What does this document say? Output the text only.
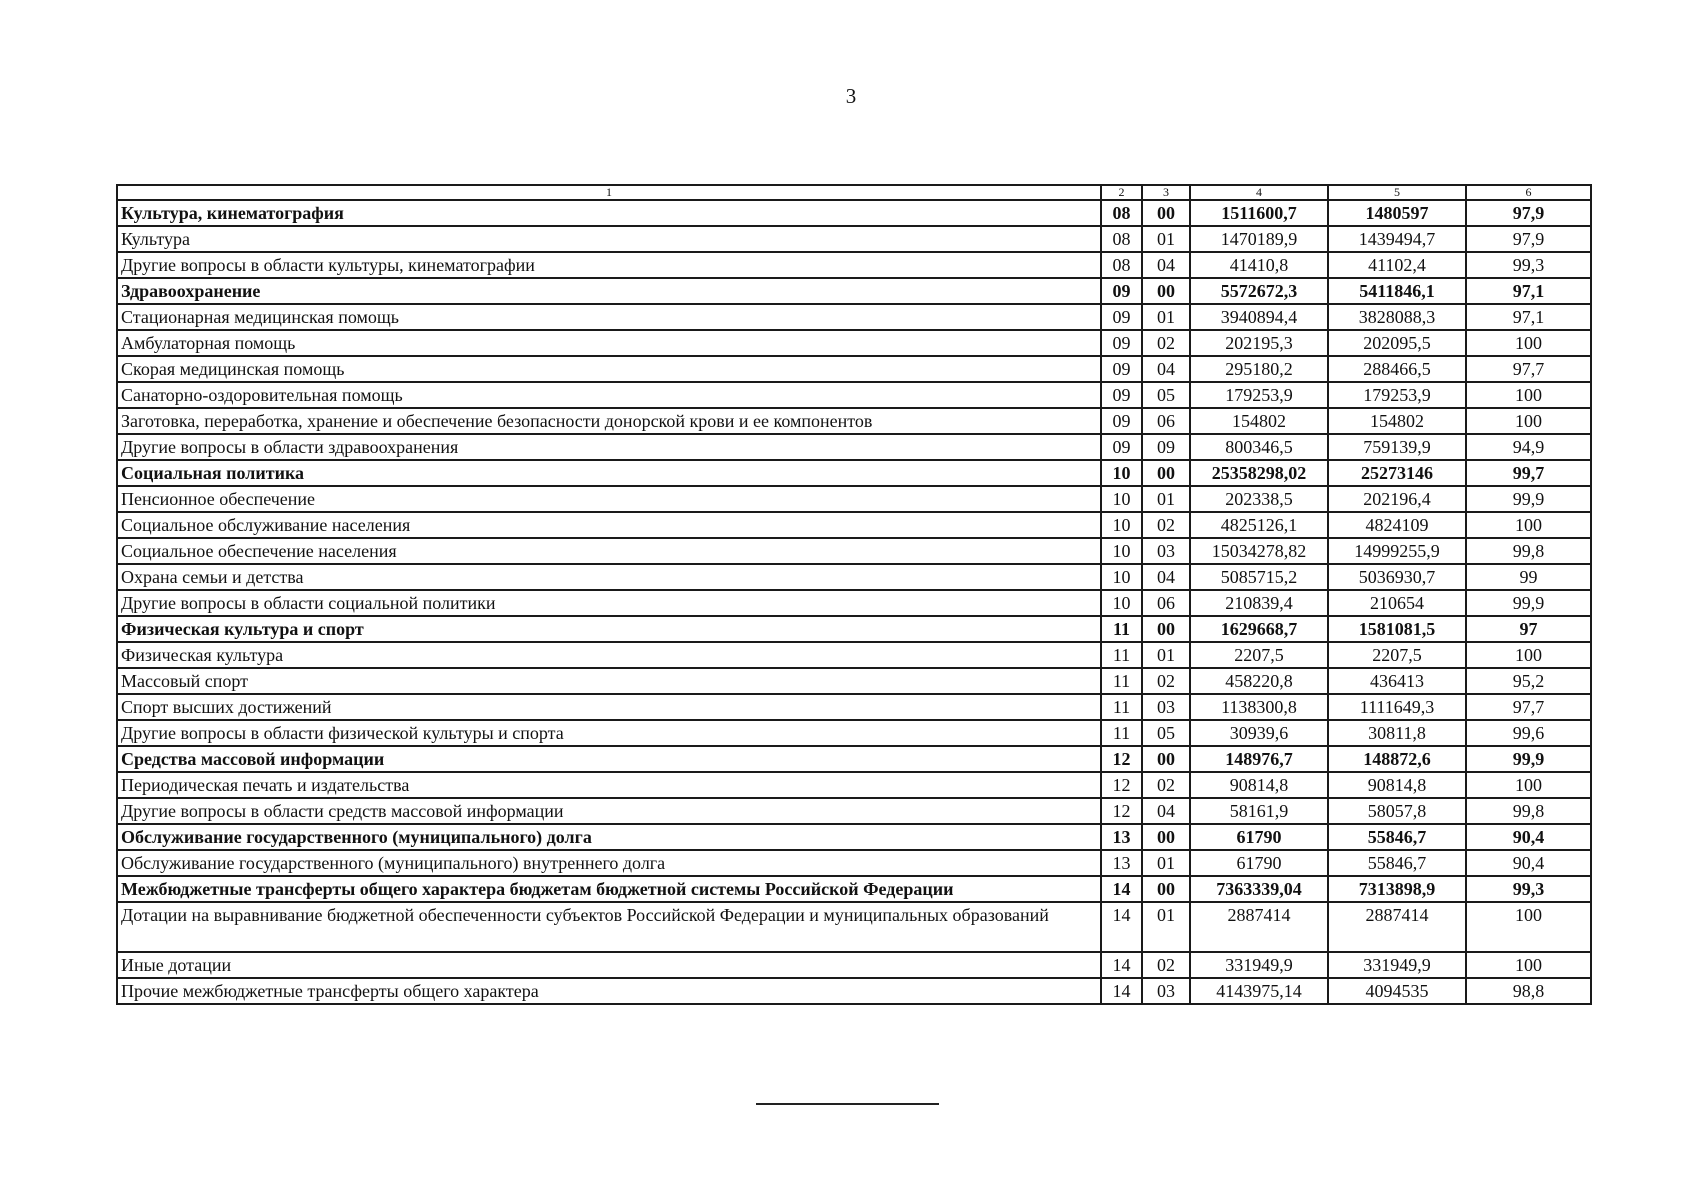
3
1	2	3	4	5	6
Культура, кинематография	08	00	1511600,7	1480597	97,9
Культура	08	01	1470189,9	1439494,7	97,9
Другие вопросы в области культуры, кинематографии	08	04	41410,8	41102,4	99,3
Здравоохранение	09	00	5572672,3	5411846,1	97,1
Стационарная медицинская помощь	09	01	3940894,4	3828088,3	97,1
Амбулаторная помощь	09	02	202195,3	202095,5	100
Скорая медицинская помощь	09	04	295180,2	288466,5	97,7
Санаторно-оздоровительная помощь	09	05	179253,9	179253,9	100
Заготовка, переработка, хранение и обеспечение безопасности донорской крови и ее компонентов	09	06	154802	154802	100
Другие вопросы в области здравоохранения	09	09	800346,5	759139,9	94,9
Социальная политика	10	00	25358298,02	25273146	99,7
Пенсионное обеспечение	10	01	202338,5	202196,4	99,9
Социальное обслуживание населения	10	02	4825126,1	4824109	100
Социальное обеспечение населения	10	03	15034278,82	14999255,9	99,8
Охрана семьи и детства	10	04	5085715,2	5036930,7	99
Другие вопросы в области социальной политики	10	06	210839,4	210654	99,9
Физическая культура и спорт	11	00	1629668,7	1581081,5	97
Физическая культура	11	01	2207,5	2207,5	100
Массовый спорт	11	02	458220,8	436413	95,2
Спорт высших достижений	11	03	1138300,8	1111649,3	97,7
Другие вопросы в области физической культуры и спорта	11	05	30939,6	30811,8	99,6
Средства массовой информации	12	00	148976,7	148872,6	99,9
Периодическая печать и издательства	12	02	90814,8	90814,8	100
Другие вопросы в области средств массовой информации	12	04	58161,9	58057,8	99,8
Обслуживание государственного (муниципального) долга	13	00	61790	55846,7	90,4
Обслуживание государственного (муниципального) внутреннего долга	13	01	61790	55846,7	90,4
Межбюджетные трансферты общего характера бюджетам бюджетной системы Российской Федерации	14	00	7363339,04	7313898,9	99,3
Дотации на выравнивание бюджетной обеспеченности субъектов Российской Федерации и муниципальных образований	14	01	2887414	2887414	100
Иные дотации	14	02	331949,9	331949,9	100
Прочие межбюджетные трансферты общего характера	14	03	4143975,14	4094535	98,8
